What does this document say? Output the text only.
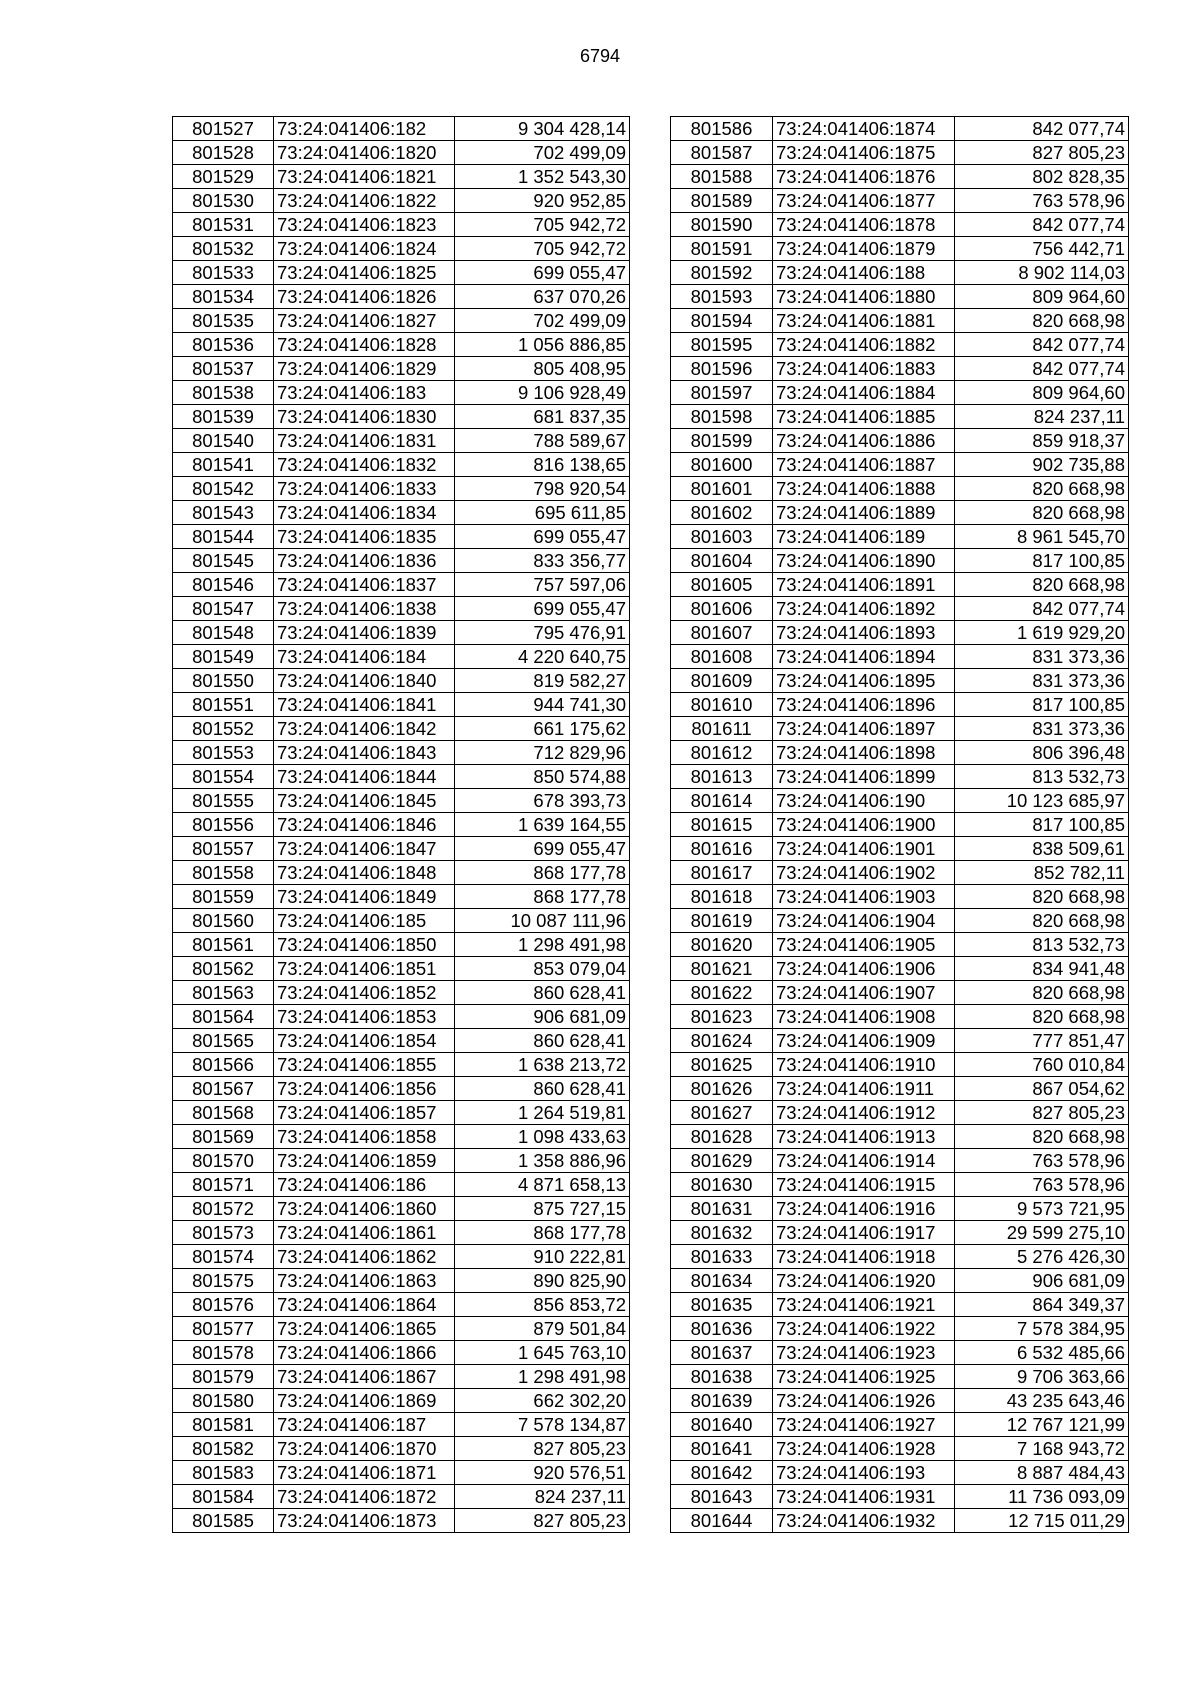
6794
801527	73:24:041406:182	9 304 428,14
801528	73:24:041406:1820	702 499,09
801529	73:24:041406:1821	1 352 543,30
801530	73:24:041406:1822	920 952,85
801531	73:24:041406:1823	705 942,72
801532	73:24:041406:1824	705 942,72
801533	73:24:041406:1825	699 055,47
801534	73:24:041406:1826	637 070,26
801535	73:24:041406:1827	702 499,09
801536	73:24:041406:1828	1 056 886,85
801537	73:24:041406:1829	805 408,95
801538	73:24:041406:183	9 106 928,49
801539	73:24:041406:1830	681 837,35
801540	73:24:041406:1831	788 589,67
801541	73:24:041406:1832	816 138,65
801542	73:24:041406:1833	798 920,54
801543	73:24:041406:1834	695 611,85
801544	73:24:041406:1835	699 055,47
801545	73:24:041406:1836	833 356,77
801546	73:24:041406:1837	757 597,06
801547	73:24:041406:1838	699 055,47
801548	73:24:041406:1839	795 476,91
801549	73:24:041406:184	4 220 640,75
801550	73:24:041406:1840	819 582,27
801551	73:24:041406:1841	944 741,30
801552	73:24:041406:1842	661 175,62
801553	73:24:041406:1843	712 829,96
801554	73:24:041406:1844	850 574,88
801555	73:24:041406:1845	678 393,73
801556	73:24:041406:1846	1 639 164,55
801557	73:24:041406:1847	699 055,47
801558	73:24:041406:1848	868 177,78
801559	73:24:041406:1849	868 177,78
801560	73:24:041406:185	10 087 111,96
801561	73:24:041406:1850	1 298 491,98
801562	73:24:041406:1851	853 079,04
801563	73:24:041406:1852	860 628,41
801564	73:24:041406:1853	906 681,09
801565	73:24:041406:1854	860 628,41
801566	73:24:041406:1855	1 638 213,72
801567	73:24:041406:1856	860 628,41
801568	73:24:041406:1857	1 264 519,81
801569	73:24:041406:1858	1 098 433,63
801570	73:24:041406:1859	1 358 886,96
801571	73:24:041406:186	4 871 658,13
801572	73:24:041406:1860	875 727,15
801573	73:24:041406:1861	868 177,78
801574	73:24:041406:1862	910 222,81
801575	73:24:041406:1863	890 825,90
801576	73:24:041406:1864	856 853,72
801577	73:24:041406:1865	879 501,84
801578	73:24:041406:1866	1 645 763,10
801579	73:24:041406:1867	1 298 491,98
801580	73:24:041406:1869	662 302,20
801581	73:24:041406:187	7 578 134,87
801582	73:24:041406:1870	827 805,23
801583	73:24:041406:1871	920 576,51
801584	73:24:041406:1872	824 237,11
801585	73:24:041406:1873	827 805,23
801586	73:24:041406:1874	842 077,74
801587	73:24:041406:1875	827 805,23
801588	73:24:041406:1876	802 828,35
801589	73:24:041406:1877	763 578,96
801590	73:24:041406:1878	842 077,74
801591	73:24:041406:1879	756 442,71
801592	73:24:041406:188	8 902 114,03
801593	73:24:041406:1880	809 964,60
801594	73:24:041406:1881	820 668,98
801595	73:24:041406:1882	842 077,74
801596	73:24:041406:1883	842 077,74
801597	73:24:041406:1884	809 964,60
801598	73:24:041406:1885	824 237,11
801599	73:24:041406:1886	859 918,37
801600	73:24:041406:1887	902 735,88
801601	73:24:041406:1888	820 668,98
801602	73:24:041406:1889	820 668,98
801603	73:24:041406:189	8 961 545,70
801604	73:24:041406:1890	817 100,85
801605	73:24:041406:1891	820 668,98
801606	73:24:041406:1892	842 077,74
801607	73:24:041406:1893	1 619 929,20
801608	73:24:041406:1894	831 373,36
801609	73:24:041406:1895	831 373,36
801610	73:24:041406:1896	817 100,85
801611	73:24:041406:1897	831 373,36
801612	73:24:041406:1898	806 396,48
801613	73:24:041406:1899	813 532,73
801614	73:24:041406:190	10 123 685,97
801615	73:24:041406:1900	817 100,85
801616	73:24:041406:1901	838 509,61
801617	73:24:041406:1902	852 782,11
801618	73:24:041406:1903	820 668,98
801619	73:24:041406:1904	820 668,98
801620	73:24:041406:1905	813 532,73
801621	73:24:041406:1906	834 941,48
801622	73:24:041406:1907	820 668,98
801623	73:24:041406:1908	820 668,98
801624	73:24:041406:1909	777 851,47
801625	73:24:041406:1910	760 010,84
801626	73:24:041406:1911	867 054,62
801627	73:24:041406:1912	827 805,23
801628	73:24:041406:1913	820 668,98
801629	73:24:041406:1914	763 578,96
801630	73:24:041406:1915	763 578,96
801631	73:24:041406:1916	9 573 721,95
801632	73:24:041406:1917	29 599 275,10
801633	73:24:041406:1918	5 276 426,30
801634	73:24:041406:1920	906 681,09
801635	73:24:041406:1921	864 349,37
801636	73:24:041406:1922	7 578 384,95
801637	73:24:041406:1923	6 532 485,66
801638	73:24:041406:1925	9 706 363,66
801639	73:24:041406:1926	43 235 643,46
801640	73:24:041406:1927	12 767 121,99
801641	73:24:041406:1928	7 168 943,72
801642	73:24:041406:193	8 887 484,43
801643	73:24:041406:1931	11 736 093,09
801644	73:24:041406:1932	12 715 011,29
